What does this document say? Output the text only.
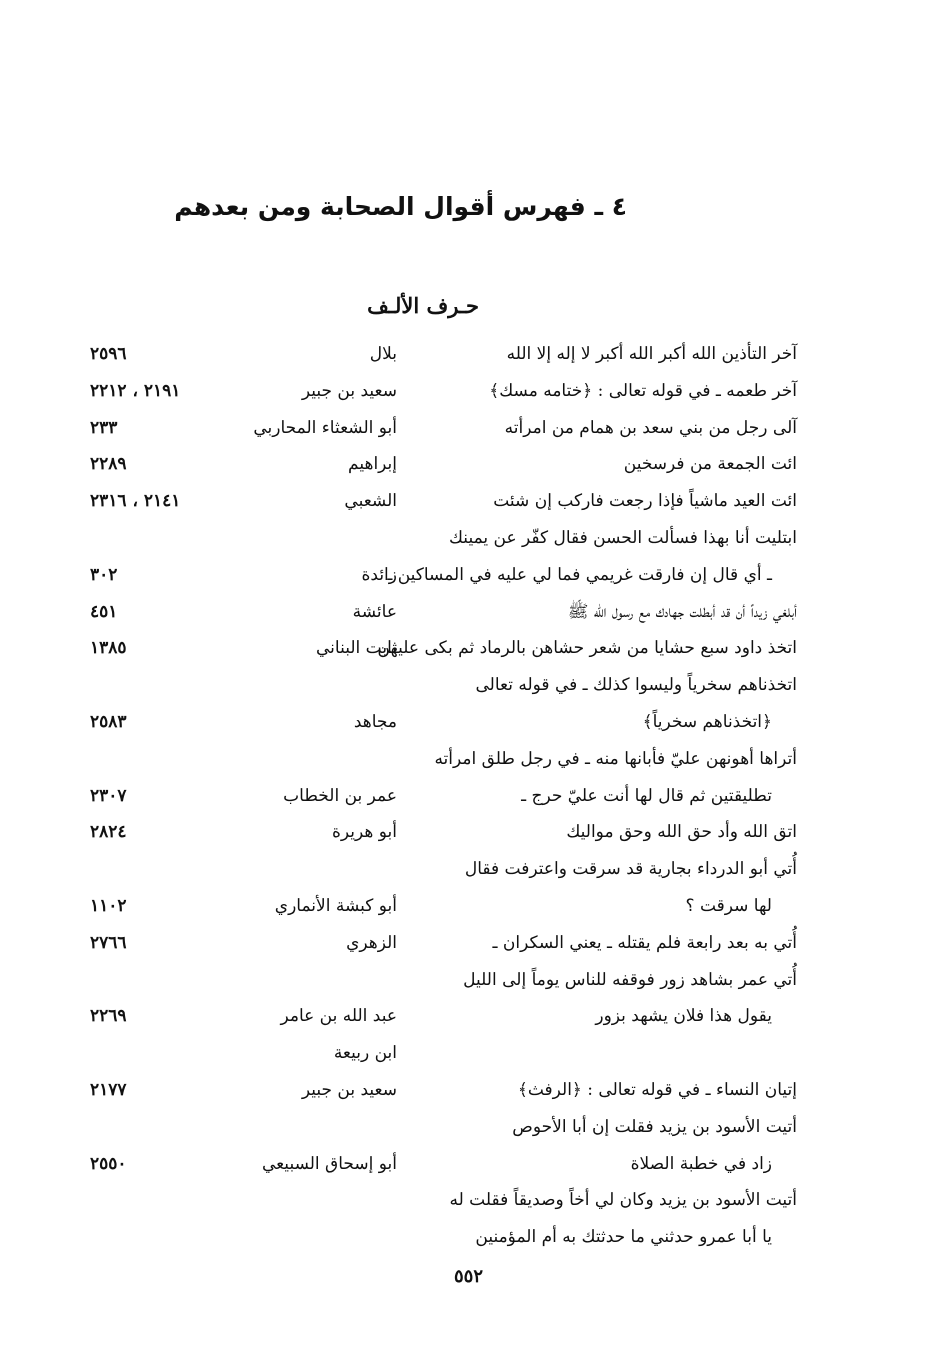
٤ ـ فهرس أقوال الصحابة ومن بعدهم
حـرف الألـف
آخر التأذين الله أكبر الله أكبر لا إله إلا الله
بلال
٢٥٩٦
آخر طعمه ـ في قوله تعالى : ﴿ختامه مسك﴾
سعيد بن جبير
٢١٩١ ، ٢٢١٢
آلى رجل من بني سعد بن همام من امرأته
أبو الشعثاء المحاربي
٢٣٣
ائت الجمعة من فرسخين
إبراهيم
٢٢٨٩
ائت العيد ماشياً فإذا رجعت فاركب إن شئت
الشعبي
٢١٤١ ، ٢٣١٦
ابتليت أنا بهذا فسألت الحسن فقال كفّر عن يمينك
ـ أي قال إن فارقت غريمي فما لي عليه في المساكين ـ
زائدة
٣٠٢
أبلغي زيداً أن قد أبطلت جهادك مع رسول الله ﷺ
عائشة
٤٥١
اتخذ داود سبع حشايا من شعر حشاهن بالرماد ثم بكى عليهن
ثابت البناني
١٣٨٥
اتخذناهم سخرياً وليسوا كذلك ـ في قوله تعالى
﴿اتخذناهم سخرياً﴾
مجاهد
٢٥٨٣
أتراها أهونهن عليّ فأبانها منه ـ في رجل طلق امرأته
تطليقتين ثم قال لها أنت عليّ حرج ـ
عمر بن الخطاب
٢٣٠٧
اتق الله وأد حق الله وحق مواليك
أبو هريرة
٢٨٢٤
أُتي أبو الدرداء بجارية قد سرقت واعترفت فقال
لها سرقت ؟
أبو كبشة الأنماري
١١٠٢
أُتي به بعد رابعة فلم يقتله ـ يعني السكران ـ
الزهري
٢٧٦٦
أُتي عمر بشاهد زور فوقفه للناس يوماً إلى الليل
يقول هذا فلان يشهد بزور
عبد الله بن عامر
٢٢٦٩
ابن ربيعة
إتيان النساء ـ في قوله تعالى : ﴿الرفث﴾
سعيد بن جبير
٢١٧٧
أتيت الأسود بن يزيد فقلت إن أبا الأحوص
زاد في خطبة الصلاة
أبو إسحاق السبيعي
٢٥٥٠
أتيت الأسود بن يزيد وكان لي أخاً وصديقاً فقلت له
يا أبا عمرو حدثني ما حدثتك به أم المؤمنين
٥٥٢
